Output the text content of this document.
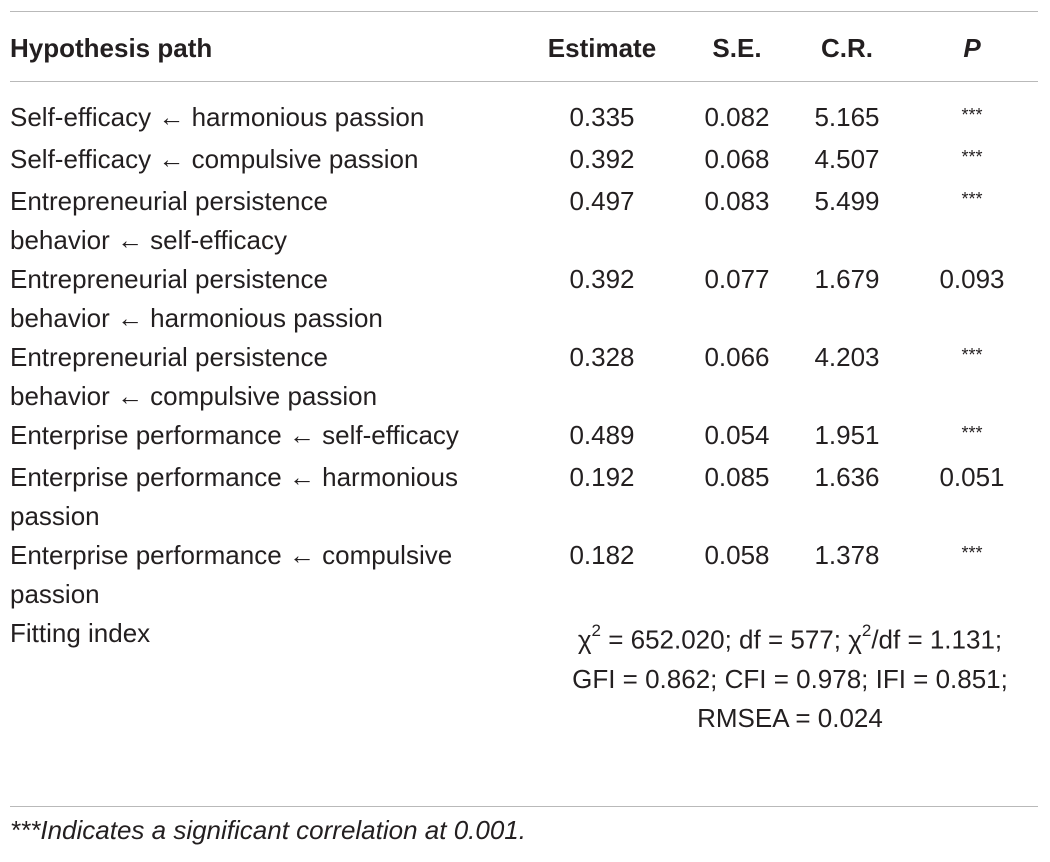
Hypothesis path	Estimate	S.E.	C.R.	P

Self-efficacy ← harmonious passion	0.335	0.082	5.165	***

Self-efficacy ← compulsive passion	0.392	0.068	4.507	***

Entrepreneurial persistence
behavior ← self-efficacy	0.497	0.083	5.499	***

Entrepreneurial persistence
behavior ← harmonious passion	0.392	0.077	1.679	0.093

Entrepreneurial persistence
behavior ← compulsive passion	0.328	0.066	4.203	***

Enterprise performance ← self-efficacy	0.489	0.054	1.951	***

Enterprise performance ← harmonious
passion	0.192	0.085	1.636	0.051

Enterprise performance ← compulsive
passion	0.182	0.058	1.378	***
Fitting index	$\chi^2 = 652.020$; df = 577; $\chi^2/df = 1.131$;
GFI = 0.862; CFI = 0.978; IFI = 0.851;
RMSEA = 0.024			
***Indicates a significant correlation at 0.001.
